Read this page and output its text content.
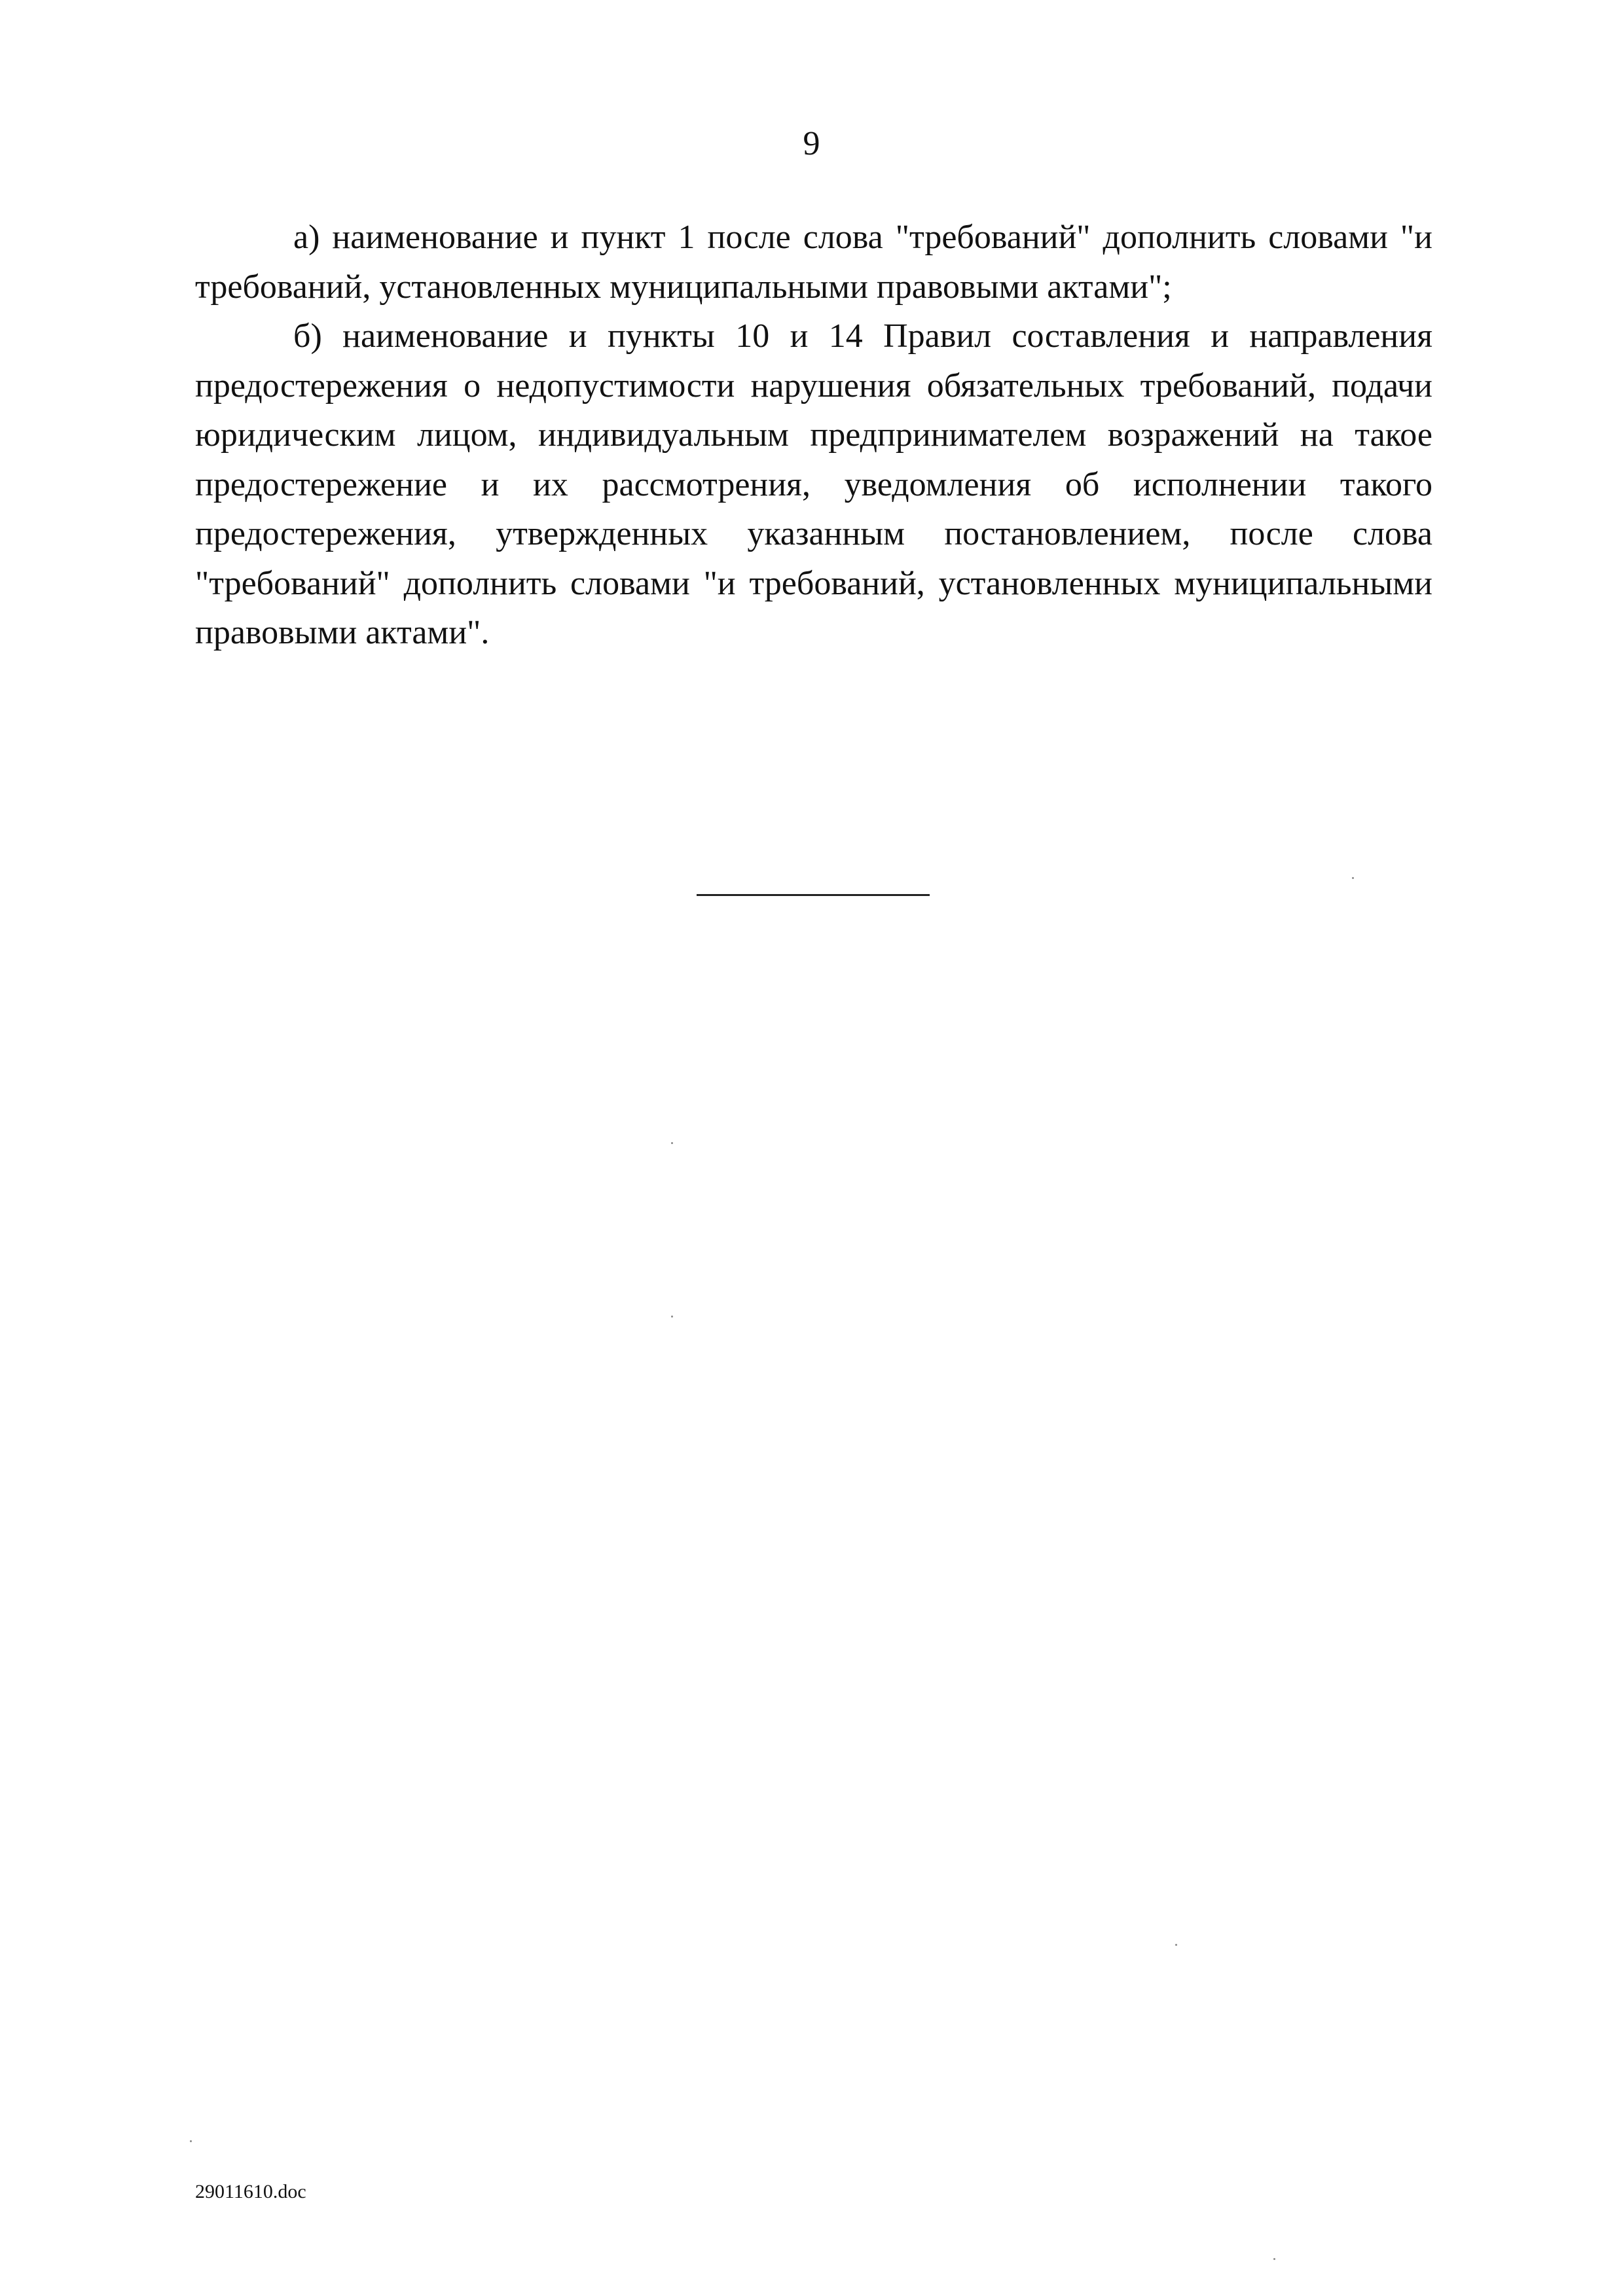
9

а) наименование и пункт 1 после слова "требований" дополнить словами "и требований, установленных муниципальными правовыми актами";

б) наименование и пункты 10 и 14 Правил составления и направления предостережения о недопустимости нарушения обязательных требований, подачи юридическим лицом, индивидуальным предпринимателем возражений на такое предостережение и их рассмотрения, уведомления об исполнении такого предостережения, утвержденных указанным постановлением, после слова "требований" дополнить словами "и требований, установленных муниципальными правовыми актами".

29011610.doc
